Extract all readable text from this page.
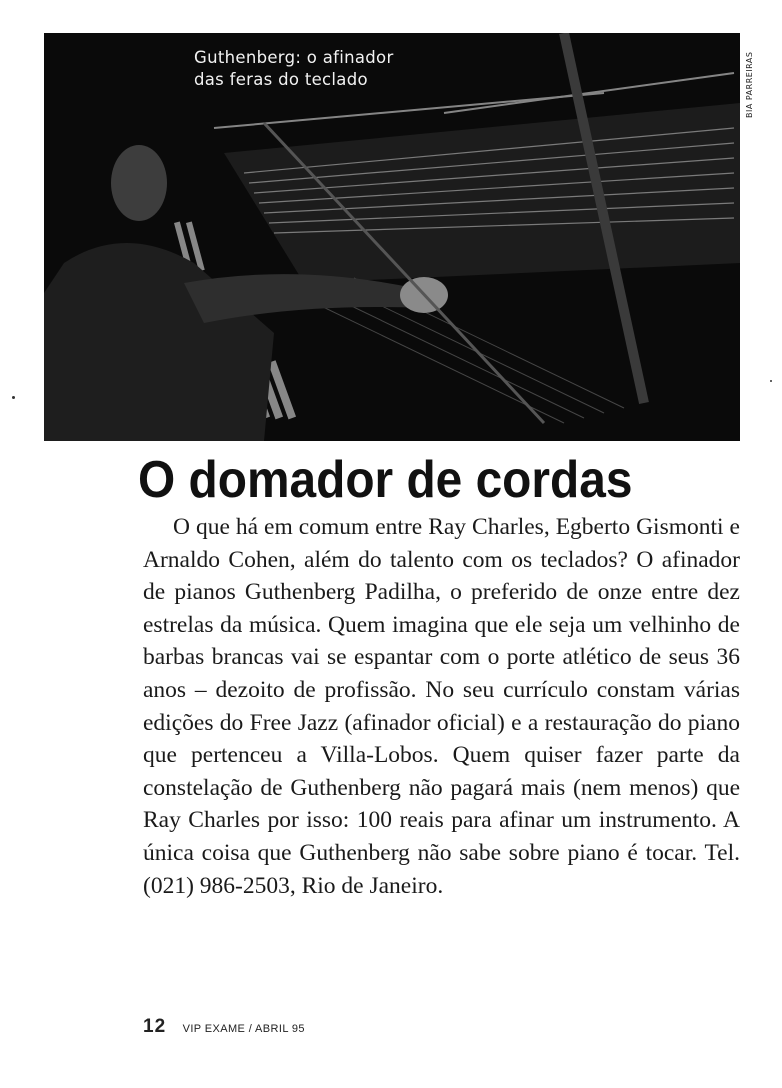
Guthenberg: o afinador das feras do teclado	BIA PARREIRAS
O domador de cordas

O que há em comum entre Ray Charles, Egberto Gismonti e Arnaldo Cohen, além do talento com os teclados? O afinador de pianos Guthenberg Padilha, o preferido de onze entre dez estrelas da música. Quem imagina que ele seja um velhinho de barbas brancas vai se espantar com o porte atlético de seus 36 anos – dezoito de profissão. No seu currículo constam várias edições do Free Jazz (afinador oficial) e a restauração do piano que pertenceu a Villa-Lobos. Quem quiser fazer parte da constelação de Guthenberg não pagará mais (nem menos) que Ray Charles por isso: 100 reais para afinar um instrumento. A única coisa que Guthenberg não sabe sobre piano é tocar. Tel. (021) 986-2503, Rio de Janeiro.

12 VIP EXAME / ABRIL 95
